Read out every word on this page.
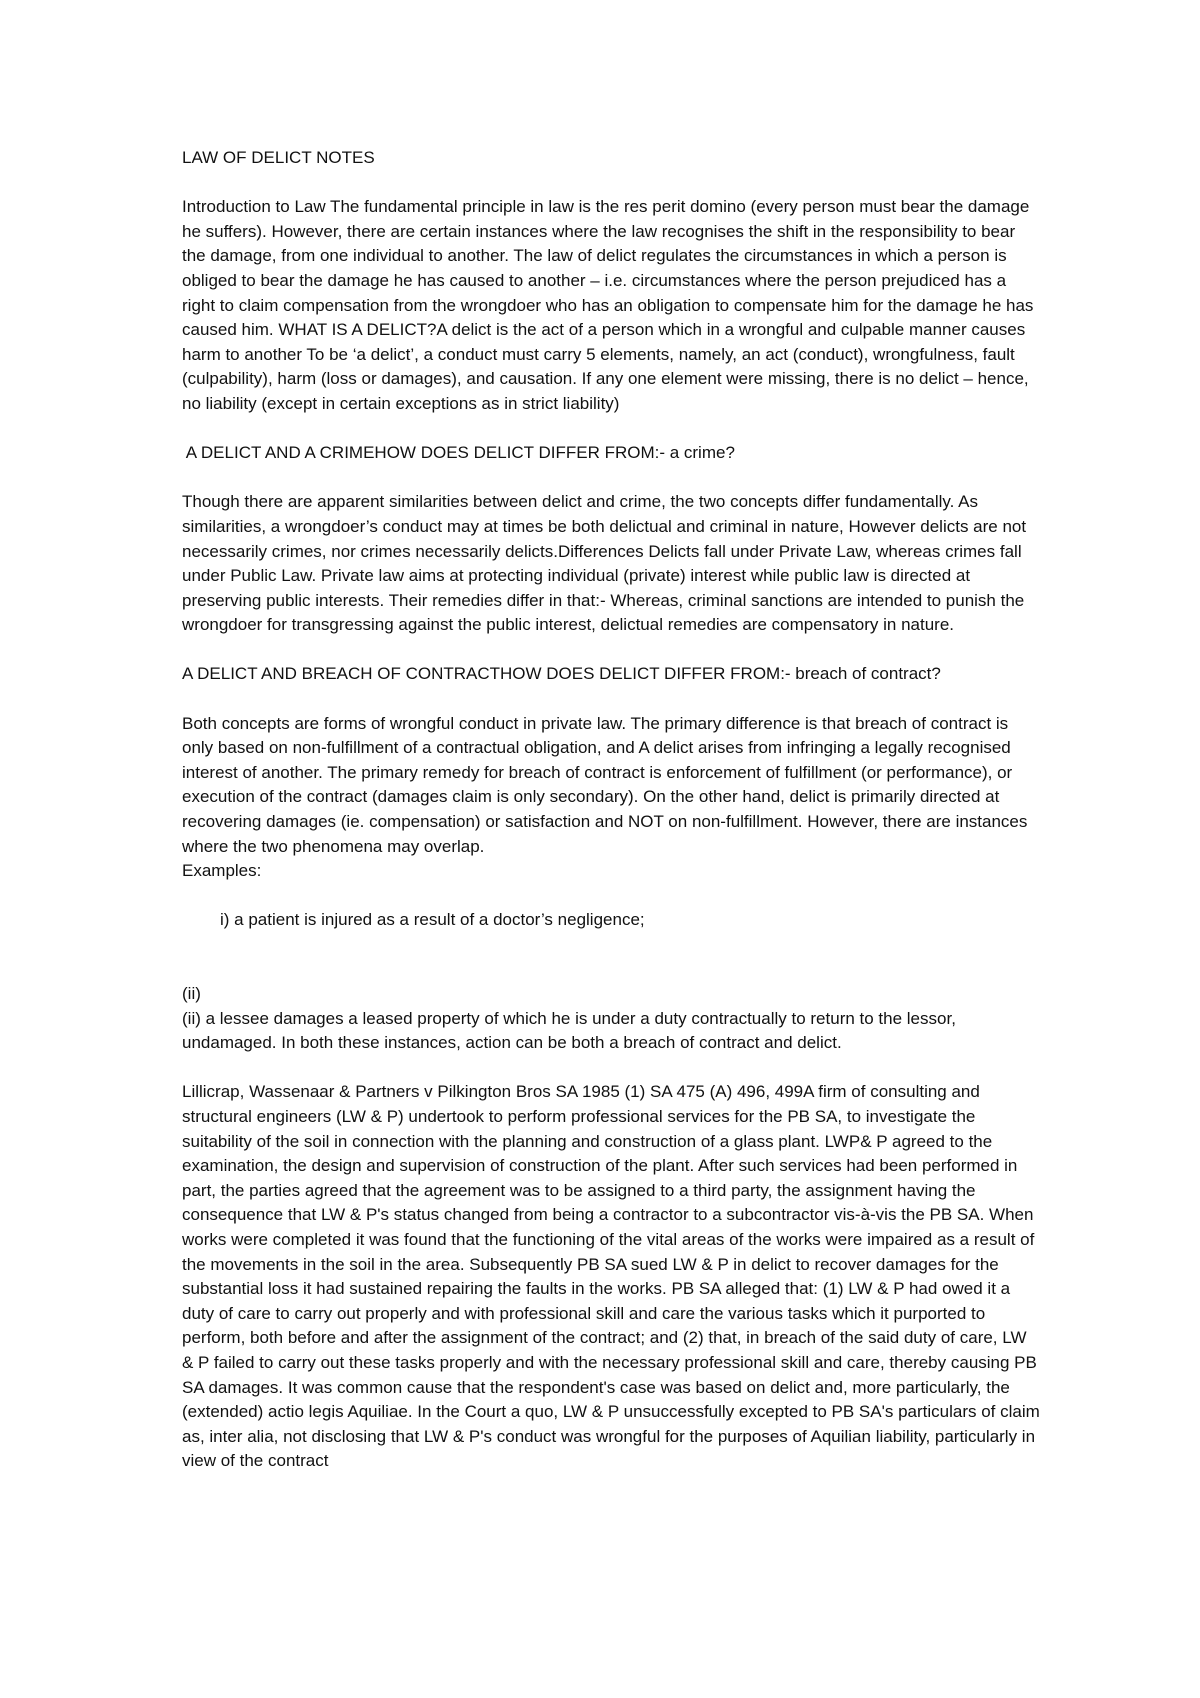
LAW OF DELICT NOTES

Introduction to Law The fundamental principle in law is the res perit domino (every person must bear the damage he suffers). However, there are certain instances where the law recognises the shift in the responsibility to bear the damage, from one individual to another. The law of delict regulates the circumstances in which a person is obliged to bear the damage he has caused to another – i.e. circumstances where the person prejudiced has a right to claim compensation from the wrongdoer who has an obligation to compensate him for the damage he has caused him. WHAT IS A DELICT?A delict is the act of a person which in a wrongful and culpable manner causes harm to another To be ‘a delict’, a conduct must carry 5 elements, namely, an act (conduct), wrongfulness, fault (culpability), harm (loss or damages), and causation. If any one element were missing, there is no delict – hence, no liability (except in certain exceptions as in strict liability)

A DELICT AND A CRIMEHOW DOES DELICT DIFFER FROM:- a crime?

Though there are apparent similarities between delict and crime, the two concepts differ fundamentally. As similarities, a wrongdoer’s conduct may at times be both delictual and criminal in nature, However delicts are not necessarily crimes, nor crimes necessarily delicts.Differences Delicts fall under Private Law, whereas crimes fall under Public Law. Private law aims at protecting individual (private) interest while public law is directed at preserving public interests. Their remedies differ in that:- Whereas, criminal sanctions are intended to punish the wrongdoer for transgressing against the public interest, delictual remedies are compensatory in nature.

A DELICT AND BREACH OF CONTRACTHOW DOES DELICT DIFFER FROM:- breach of contract?

Both concepts are forms of wrongful conduct in private law. The primary difference is that breach of contract is only based on non-fulfillment of a contractual obligation, and A delict arises from infringing a legally recognised interest of another. The primary remedy for breach of contract is enforcement of fulfillment (or performance), or execution of the contract (damages claim is only secondary). On the other hand, delict is primarily directed at recovering damages (ie. compensation) or satisfaction and NOT on non-fulfillment. However, there are instances where the two phenomena may overlap.

Examples:

i) a patient is injured as a result of a doctor’s negligence;

(ii)

(ii) a lessee damages a leased property of which he is under a duty contractually to return to the lessor, undamaged. In both these instances, action can be both a breach of contract and delict.

Lillicrap, Wassenaar & Partners v Pilkington Bros SA 1985 (1) SA 475 (A) 496, 499A firm of consulting and structural engineers (LW & P) undertook to perform professional services for the PB SA, to investigate the suitability of the soil in connection with the planning and construction of a glass plant. LWP& P agreed to the examination, the design and supervision of construction of the plant. After such services had been performed in part, the parties agreed that the agreement was to be assigned to a third party, the assignment having the consequence that LW & P's status changed from being a contractor to a subcontractor vis-à-vis the PB SA. When works were completed it was found that the functioning of the vital areas of the works were impaired as a result of the movements in the soil in the area. Subsequently PB SA sued LW & P in delict to recover damages for the substantial loss it had sustained repairing the faults in the works. PB SA alleged that: (1) LW & P had owed it a duty of care to carry out properly and with professional skill and care the various tasks which it purported to perform, both before and after the assignment of the contract; and (2) that, in breach of the said duty of care, LW & P failed to carry out these tasks properly and with the necessary professional skill and care, thereby causing PB SA damages. It was common cause that the respondent's case was based on delict and, more particularly, the (extended) actio legis Aquiliae. In the Court a quo, LW & P unsuccessfully excepted to PB SA's particulars of claim as, inter alia, not disclosing that LW & P's conduct was wrongful for the purposes of Aquilian liability, particularly in view of the contract
